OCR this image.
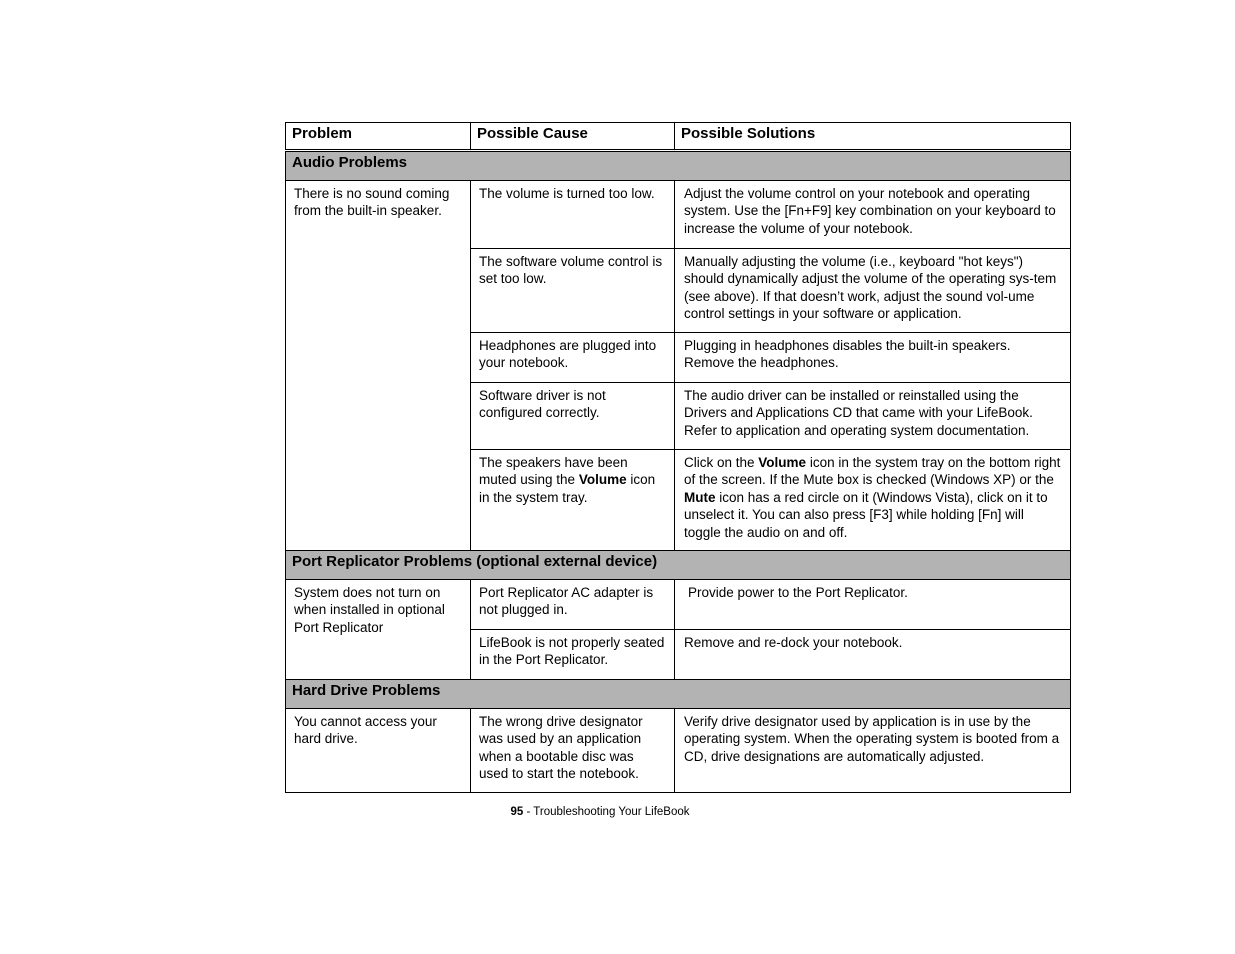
Problem	Possible Cause	Possible Solutions
Audio Problems		
There is no sound coming from the built-in speaker.	The volume is turned too low.	Adjust the volume control on your notebook and operating system. Use the [Fn+F9] key combination on your keyboard to increase the volume of your notebook.
	The software volume control is set too low.	Manually adjusting the volume (i.e., keyboard "hot keys") should dynamically adjust the volume of the operating sys-tem (see above). If that doesn’t work, adjust the sound vol-ume control settings in your software or application.
	Headphones are plugged into your notebook.	Plugging in headphones disables the built-in speakers. Remove the headphones.
	Software driver is not configured correctly.	The audio driver can be installed or reinstalled using the Drivers and Applications CD that came with your LifeBook. Refer to application and operating system documentation.
	The speakers have been muted using the Volume icon in the system tray.	Click on the Volume icon in the system tray on the bottom right of the screen. If the Mute box is checked (Windows XP) or the Mute icon has a red circle on it (Windows Vista), click on it to unselect it. You can also press [F3] while holding [Fn] will toggle the audio on and off.
Port Replicator Problems (optional external device)		
System does not turn on when installed in optional Port Replicator	Port Replicator AC adapter is not plugged in.	Provide power to the Port Replicator.
	LifeBook is not properly seated in the Port Replicator.	Remove and re-dock your notebook.
Hard Drive Problems		
You cannot access your hard drive.	The wrong drive designator was used by an application when a bootable disc was used to start the notebook.	Verify drive designator used by application is in use by the operating system. When the operating system is booted from a CD, drive designations are automatically adjusted.
95 - Troubleshooting Your LifeBook
